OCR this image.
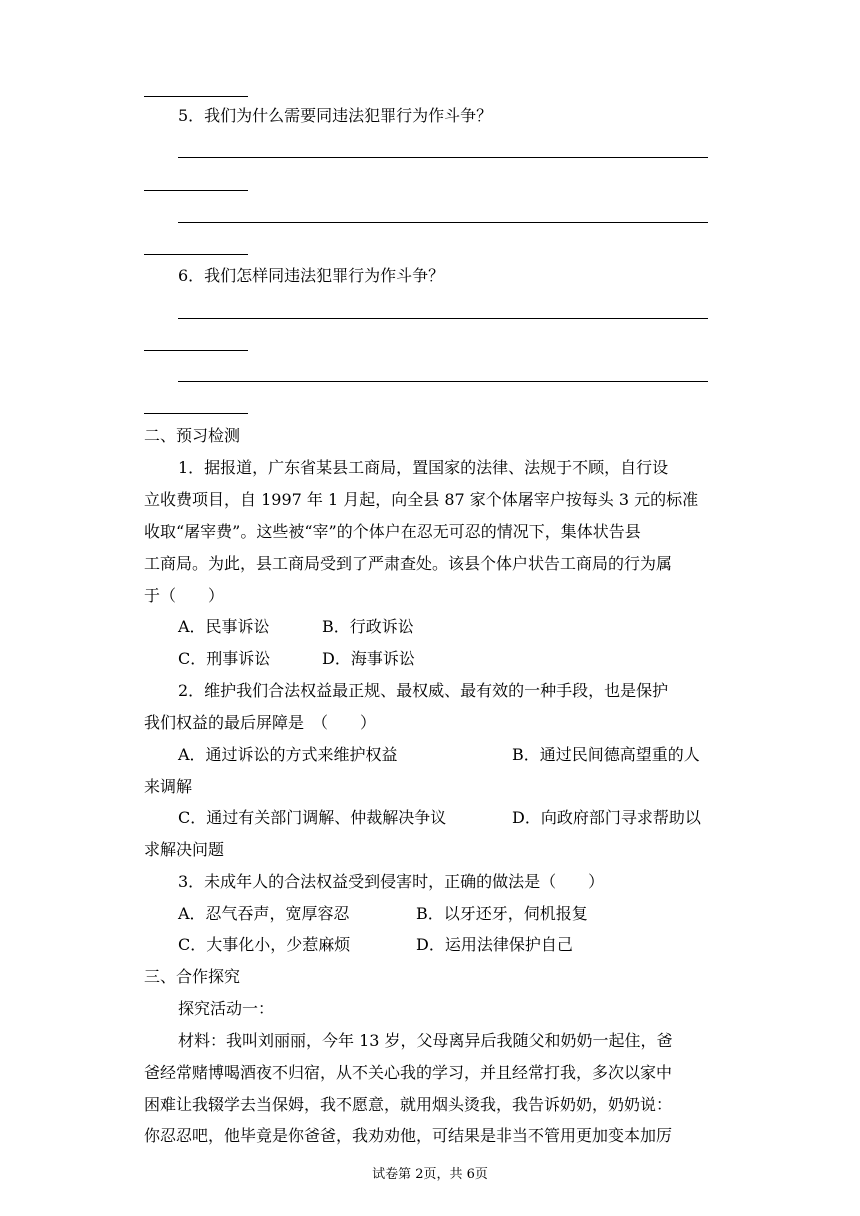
5．我们为什么需要同违法犯罪行为作斗争？
6．我们怎样同违法犯罪行为作斗争？
二、预习检测
1．据报道，广东省某县工商局，置国家的法律、法规于不顾，自行设
立收费项目，自 1997 年 1 月起，向全县 87 家个体屠宰户按每头 3 元的标准
收取“屠宰费”。这些被“宰”的个体户在忍无可忍的情况下，集体状告县
工商局。为此，县工商局受到了严肃查处。该县个体户状告工商局的行为属
于（　　）
A．民事诉讼	B．行政诉讼
C．刑事诉讼	D．海事诉讼
2．维护我们合法权益最正规、最权威、最有效的一种手段，也是保护
我们权益的最后屏障是　（　　）
A．通过诉讼的方式来维护权益	B．通过民间德高望重的人
来调解
C．通过有关部门调解、仲裁解决争议	D．向政府部门寻求帮助以
求解决问题
3．未成年人的合法权益受到侵害时，正确的做法是（　　）
A．忍气吞声，宽厚容忍	B．以牙还牙，伺机报复
C．大事化小，少惹麻烦	D．运用法律保护自己
三、合作探究
探究活动一：
材料：我叫刘丽丽，今年 13 岁，父母离异后我随父和奶奶一起住，爸
爸经常赌博喝酒夜不归宿，从不关心我的学习，并且经常打我，多次以家中
困难让我辍学去当保姆，我不愿意，就用烟头烫我，我告诉奶奶，奶奶说：
你忍忍吧，他毕竟是你爸爸，我劝劝他，可结果是非当不管用更加变本加厉
试卷第 2页，共 6页
